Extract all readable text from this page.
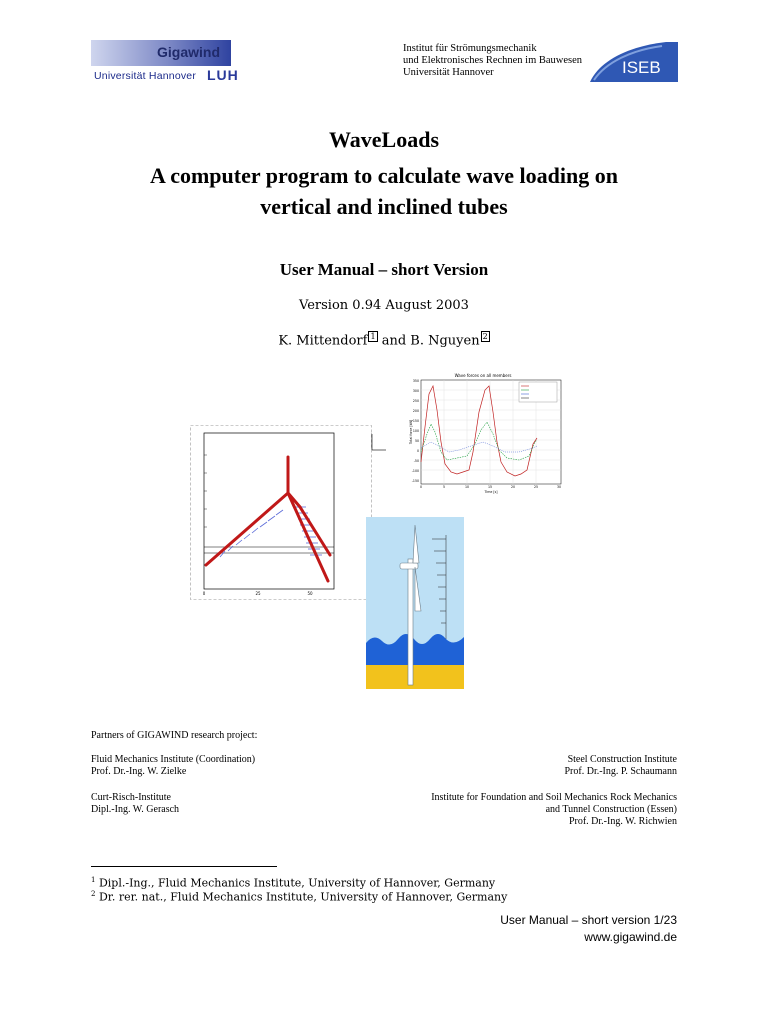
Gigawind
Universität Hannover LUH
Institut für Strömungsmechanik
und Elektronisches Rechnen im Bauwesen
Universität Hannover	ISEB
WaveLoads
A computer program to calculate wave loading on
vertical and inclined tubes
User Manual – short Version
Version 0.94 August 2003
K. Mittendorf 1 and B. Nguyen 2
Wave forces on all members
350
300
250
200
150
100
50
0
-50
-100
-150
0	5	10	15	20	25	30
Time [s]
Total force [kN]
0	25	50
Partners of GIGAWIND research project:
Fluid Mechanics Institute (Coordination)
Prof. Dr.-Ing. W. Zielke
Steel Construction Institute
Prof. Dr.-Ing. P. Schaumann
Curt-Risch-Institute
Dipl.-Ing. W. Gerasch
Institute for Foundation and Soil Mechanics Rock Mechanics
and Tunnel Construction (Essen)
Prof. Dr.-Ing. W. Richwien
$^1$ Dipl.-Ing., Fluid Mechanics Institute, University of Hannover, Germany
$^2$ Dr. rer. nat., Fluid Mechanics Institute, University of Hannover, Germany
User Manual – short version 1/23
www.gigawind.de
